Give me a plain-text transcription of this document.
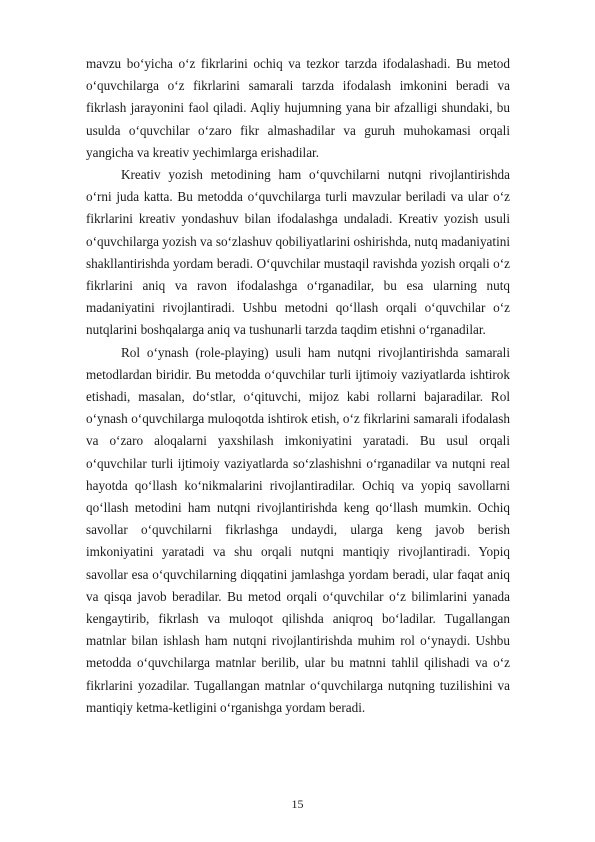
mavzu bo‘yicha o‘z fikrlarini ochiq va tezkor tarzda ifodalashadi. Bu metod o‘quvchilarga o‘z fikrlarini samarali tarzda ifodalash imkonini beradi va fikrlash jarayonini faol qiladi. Aqliy hujumning yana bir afzalligi shundaki, bu usulda o‘quvchilar o‘zaro fikr almashadilar va guruh muhokamasi orqali yangicha va kreativ yechimlarga erishadilar.

Kreativ yozish metodining ham o‘quvchilarni nutqni rivojlantirishda o‘rni juda katta. Bu metodda o‘quvchilarga turli mavzular beriladi va ular o‘z fikrlarini kreativ yondashuv bilan ifodalashga undaladi. Kreativ yozish usuli o‘quvchilarga yozish va so‘zlashuv qobiliyatlarini oshirishda, nutq madaniyatini shakllantirishda yordam beradi. O‘quvchilar mustaqil ravishda yozish orqali o‘z fikrlarini aniq va ravon ifodalashga o‘rganadilar, bu esa ularning nutq madaniyatini rivojlantiradi. Ushbu metodni qo‘llash orqali o‘quvchilar o‘z nutqlarini boshqalarga aniq va tushunarli tarzda taqdim etishni o‘rganadilar.

Rol o‘ynash (role-playing) usuli ham nutqni rivojlantirishda samarali metodlardan biridir. Bu metodda o‘quvchilar turli ijtimoiy vaziyatlarda ishtirok etishadi, masalan, do‘stlar, o‘qituvchi, mijoz kabi rollarni bajaradilar. Rol o‘ynash o‘quvchilarga muloqotda ishtirok etish, o‘z fikrlarini samarali ifodalash va o‘zaro aloqalarni yaxshilash imkoniyatini yaratadi. Bu usul orqali o‘quvchilar turli ijtimoiy vaziyatlarda so‘zlashishni o‘rganadilar va nutqni real hayotda qo‘llash ko‘nikmalarini rivojlantiradilar. Ochiq va yopiq savollarni qo‘llash metodini ham nutqni rivojlantirishda keng qo‘llash mumkin. Ochiq savollar o‘quvchilarni fikrlashga undaydi, ularga keng javob berish imkoniyatini yaratadi va shu orqali nutqni mantiqiy rivojlantiradi. Yopiq savollar esa o‘quvchilarning diqqatini jamlashga yordam beradi, ular faqat aniq va qisqa javob beradilar. Bu metod orqali o‘quvchilar o‘z bilimlarini yanada kengaytirib, fikrlash va muloqot qilishda aniqroq bo‘ladilar. Tugallangan matnlar bilan ishlash ham nutqni rivojlantirishda muhim rol o‘ynaydi. Ushbu metodda o‘quvchilarga matnlar berilib, ular bu matnni tahlil qilishadi va o‘z fikrlarini yozadilar. Tugallangan matnlar o‘quvchilarga nutqning tuzilishini va mantiqiy ketma-ketligini o‘rganishga yordam beradi.

15
